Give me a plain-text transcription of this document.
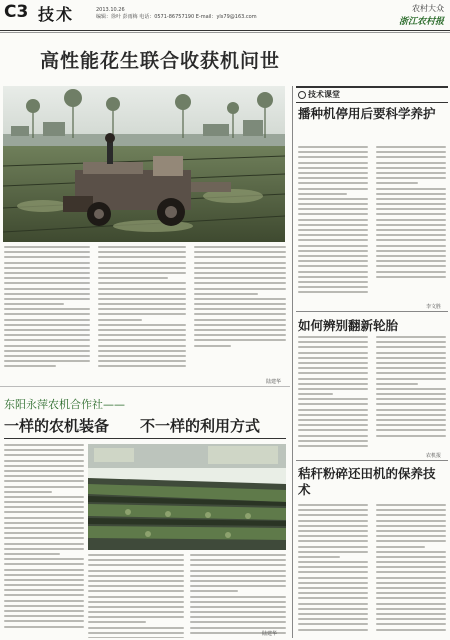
C3 技术	2013.10.26
编辑：徐叶 彭雨梅 电话：0571-86757190 E-mail：yls79@163.com
农村大众
浙江农村报
高性能花生联合收获机问世
陆建华
东阳永萍农机合作社——
一样的农机装备 不一样的利用方式
陆建华
技术课堂
播种机停用后要科学养护
李文胜
如何辨别翻新轮胎
农机报
秸秆粉碎还田机的保养技术
